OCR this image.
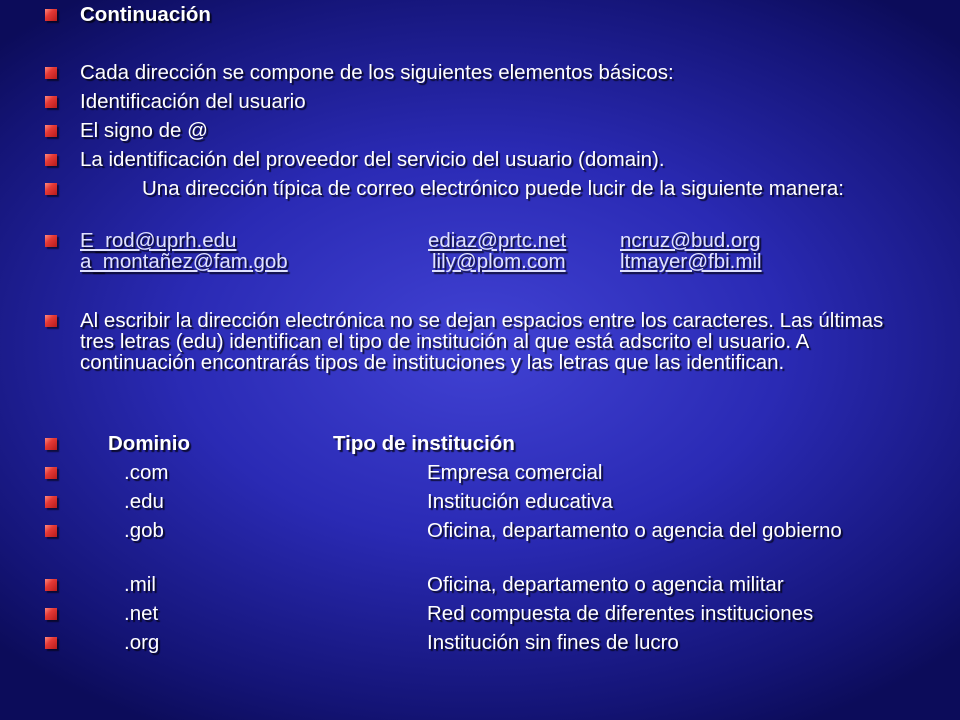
Continuación
Cada dirección se compone de los siguientes elementos básicos:
Identificación del usuario
El signo de @
La identificación del proveedor del servicio del usuario (domain).
Una dirección típica de correo electrónico puede lucir de la siguiente manera:
E_rod@uprh.edu	ediaz@prtc.net	ncruz@bud.org
a_montañez@fam.gob	lily@plom.com	ltmayer@fbi.mil
Al escribir la dirección electrónica no se dejan espacios entre los caracteres. Las últimas tres letras (edu) identifican el tipo de institución al que está adscrito el usuario. A continuación encontrarás tipos de instituciones y las letras que las identifican.
Dominio	Tipo de institución
.com	Empresa comercial
.edu	Institución educativa
.gob	Oficina, departamento o agencia del gobierno
.mil	Oficina, departamento o agencia militar
.net	Red compuesta de diferentes instituciones
.org	Institución sin fines de lucro
